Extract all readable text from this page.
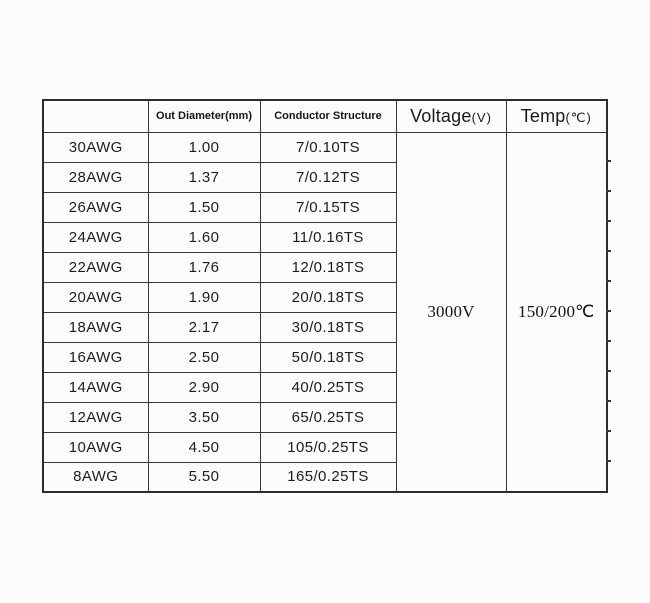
	Out Diameter(mm)	Conductor Structure	Voltage(V)	Temp(℃)
30AWG	1.00	7/0.10TS	3000V	150/200℃
28AWG	1.37	7/0.12TS		
26AWG	1.50	7/0.15TS		
24AWG	1.60	11/0.16TS		
22AWG	1.76	12/0.18TS		
20AWG	1.90	20/0.18TS		
18AWG	2.17	30/0.18TS		
16AWG	2.50	50/0.18TS		
14AWG	2.90	40/0.25TS		
12AWG	3.50	65/0.25TS		
10AWG	4.50	105/0.25TS		
8AWG	5.50	165/0.25TS		
